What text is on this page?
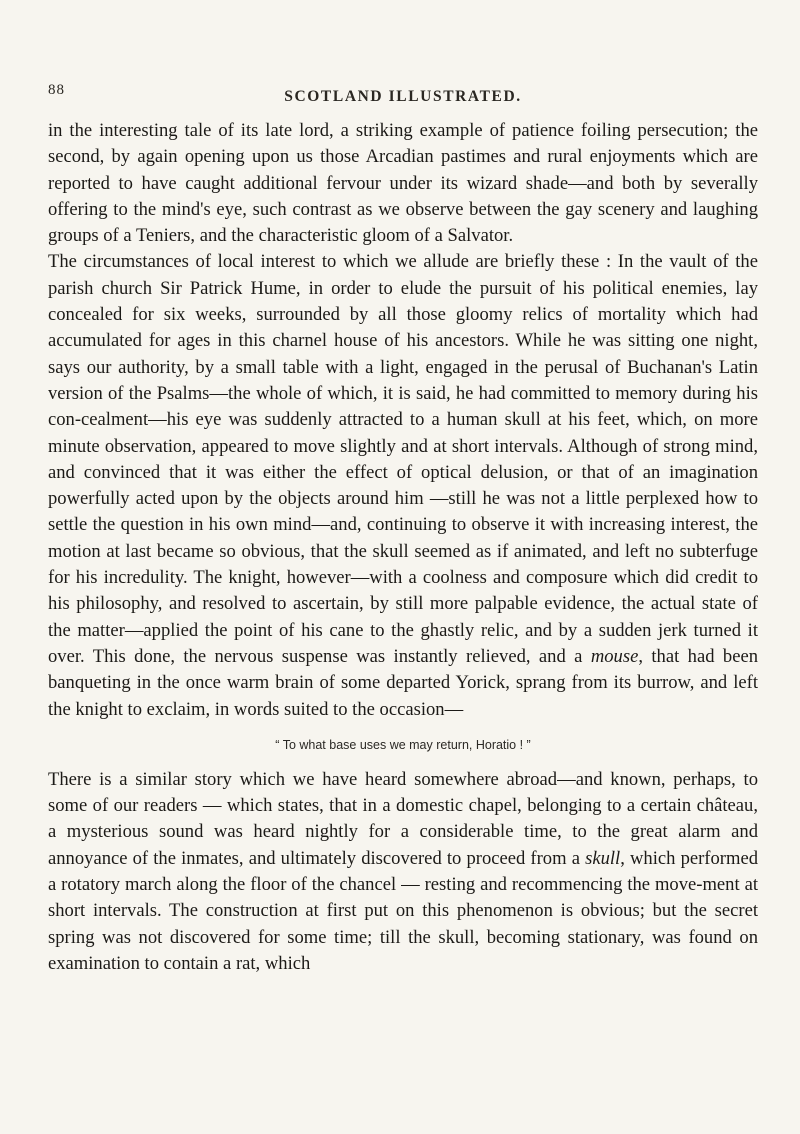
88	SCOTLAND ILLUSTRATED.

in the interesting tale of its late lord, a striking example of patience foiling persecution; the second, by again opening upon us those Arcadian pastimes and rural enjoyments which are reported to have caught additional fervour under its wizard shade—and both by severally offering to the mind's eye, such contrast as we observe between the gay scenery and laughing groups of a Teniers, and the characteristic gloom of a Salvator.

The circumstances of local interest to which we allude are briefly these : In the vault of the parish church Sir Patrick Hume, in order to elude the pursuit of his political enemies, lay concealed for six weeks, surrounded by all those gloomy relics of mortality which had accumulated for ages in this charnel house of his ancestors. While he was sitting one night, says our authority, by a small table with a light, engaged in the perusal of Buchanan's Latin version of the Psalms—the whole of which, it is said, he had committed to memory during his con-cealment—his eye was suddenly attracted to a human skull at his feet, which, on more minute observation, appeared to move slightly and at short intervals. Although of strong mind, and convinced that it was either the effect of optical delusion, or that of an imagination powerfully acted upon by the objects around him —still he was not a little perplexed how to settle the question in his own mind—and, continuing to observe it with increasing interest, the motion at last became so obvious, that the skull seemed as if animated, and left no subterfuge for his incredulity. The knight, however—with a coolness and composure which did credit to his philosophy, and resolved to ascertain, by still more palpable evidence, the actual state of the matter—applied the point of his cane to the ghastly relic, and by a sudden jerk turned it over. This done, the nervous suspense was instantly relieved, and a mouse, that had been banqueting in the once warm brain of some departed Yorick, sprang from its burrow, and left the knight to exclaim, in words suited to the occasion—

“ To what base uses we may return, Horatio ! ”

There is a similar story which we have heard somewhere abroad—and known, perhaps, to some of our readers — which states, that in a domestic chapel, belonging to a certain château, a mysterious sound was heard nightly for a considerable time, to the great alarm and annoyance of the inmates, and ultimately discovered to proceed from a skull, which performed a rotatory march along the floor of the chancel — resting and recommencing the move-ment at short intervals. The construction at first put on this phenomenon is obvious; but the secret spring was not discovered for some time; till the skull, becoming stationary, was found on examination to contain a rat, which
